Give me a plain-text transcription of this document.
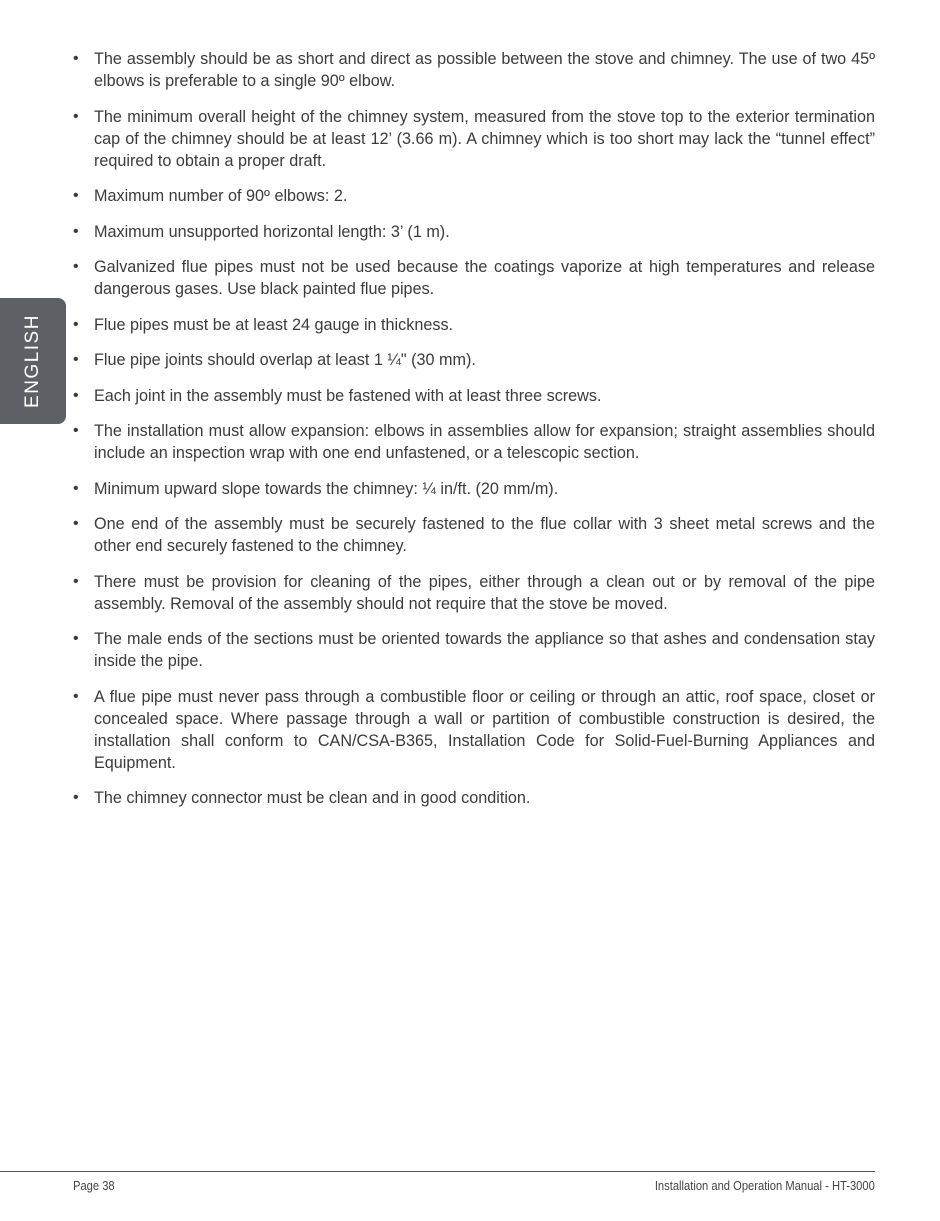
ENGLISH
• The assembly should be as short and direct as possible between the stove and chimney. The use of two 45º elbows is preferable to a single 90º elbow.
• The minimum overall height of the chimney system, measured from the stove top to the exterior termination cap of the chimney should be at least 12’ (3.66 m). A chimney which is too short may lack the “tunnel effect” required to obtain a proper draft.
• Maximum number of 90º elbows: 2.
• Maximum unsupported horizontal length: 3’ (1 m).
• Galvanized flue pipes must not be used because the coatings vaporize at high temperatures and release dangerous gases. Use black painted flue pipes.
• Flue pipes must be at least 24 gauge in thickness.
• Flue pipe joints should overlap at least 1 ¼" (30 mm).
• Each joint in the assembly must be fastened with at least three screws.
• The installation must allow expansion: elbows in assemblies allow for expansion; straight assemblies should include an inspection wrap with one end unfastened, or a telescopic section.
• Minimum upward slope towards the chimney: ¼ in/ft. (20 mm/m).
• One end of the assembly must be securely fastened to the flue collar with 3 sheet metal screws and the other end securely fastened to the chimney.
• There must be provision for cleaning of the pipes, either through a clean out or by removal of the pipe assembly. Removal of the assembly should not require that the stove be moved.
• The male ends of the sections must be oriented towards the appliance so that ashes and condensation stay inside the pipe.
• A flue pipe must never pass through a combustible floor or ceiling or through an attic, roof space, closet or concealed space. Where passage through a wall or partition of combustible construction is desired, the installation shall conform to CAN/CSA-B365, Installation Code for Solid-Fuel-Burning Appliances and Equipment.
• The chimney connector must be clean and in good condition.
Page 38	Installation and Operation Manual - HT-3000
